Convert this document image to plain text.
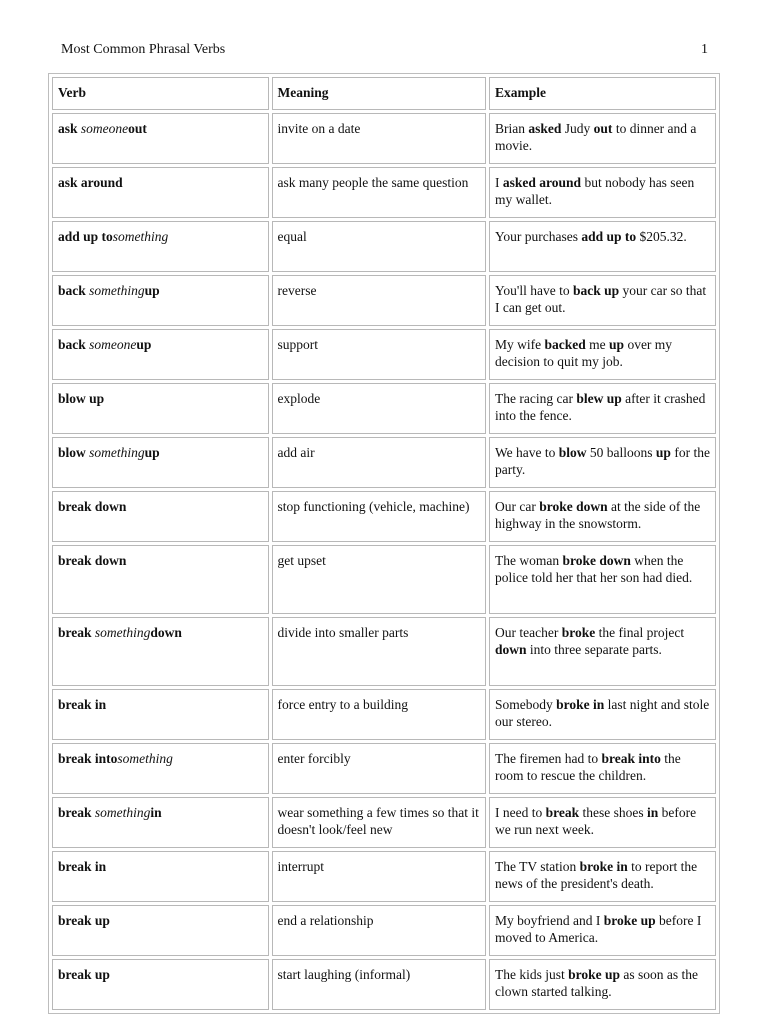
Most Common Phrasal Verbs	1
Verb	Meaning	Example
ask someoneout	invite on a date	Brian asked Judy out to dinner and a movie.
ask around	ask many people the same question	I asked around but nobody has seen my wallet.
add up tosomething	equal	Your purchases add up to $205.32.
back somethingup	reverse	You'll have to back up your car so that I can get out.
back someoneup	support	My wife backed me up over my decision to quit my job.
blow up	explode	The racing car blew up after it crashed into the fence.
blow somethingup	add air	We have to blow 50 balloons up for the party.
break down	stop functioning (vehicle, machine)	Our car broke down at the side of the highway in the snowstorm.
break down	get upset	The woman broke down when the police told her that her son had died.
break somethingdown	divide into smaller parts	Our teacher broke the final project down into three separate parts.
break in	force entry to a building	Somebody broke in last night and stole our stereo.
break intosomething	enter forcibly	The firemen had to break into the room to rescue the children.
break somethingin	wear something a few times so that it doesn't look/feel new	I need to break these shoes in before we run next week.
break in	interrupt	The TV station broke in to report the news of the president's death.
break up	end a relationship	My boyfriend and I broke up before I moved to America.
break up	start laughing (informal)	The kids just broke up as soon as the clown started talking.
